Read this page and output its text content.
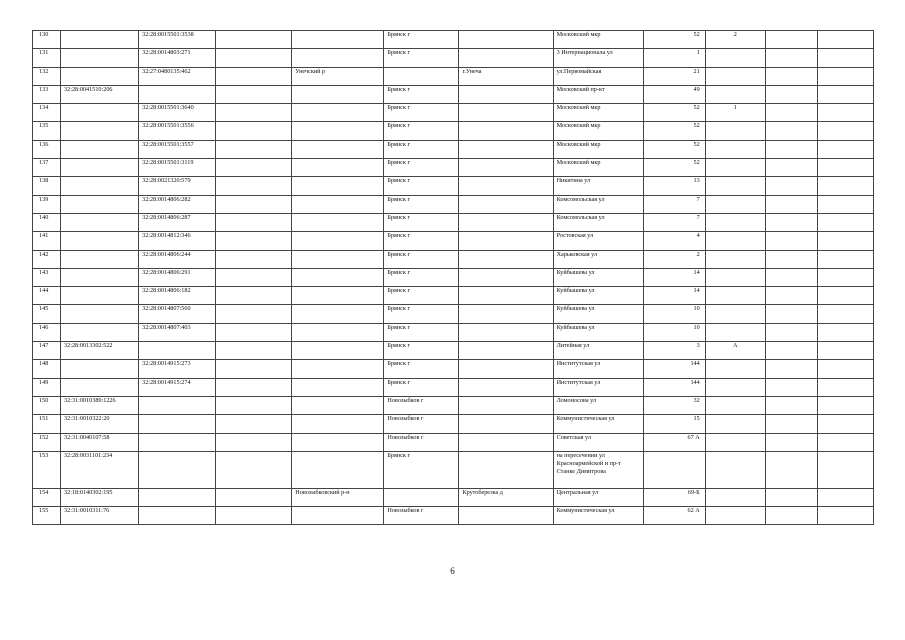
130		32:28:0015501:3538			Брянск г		Московский мкр	52	2		
131		32:28:0014803:271			Брянск г		3 Интернационала ул	1			
132		32:27:0480135:462		Унечский р		г.Унеча	ул.Первомайская	21			
133	32:28:0041510:206				Брянск г		Московский пр-кт	49			
134		32:28:0015501:3640			Брянск г		Московский мкр	52	1		
135		32:28:0015501:3556			Брянск г		Московский мкр	52			
136		32:28:0015501:3557			Брянск г		Московский мкр	52			
137		32:28:0015501:3119			Брянск г		Московский мкр	52			
138		32:28:0021320:579			Брянск г		Никитина ул	13			
139		32:28:0014806:282			Брянск г		Комсомольская ул	7			
140		32:28:0014806:287			Брянск г		Комсомольская ул	7			
141		32:28:0014812:346			Брянск г		Ростовская ул	4			
142		32:28:0014806:244			Брянск г		Харьковская ул	2			
143		32:28:0014806:291			Брянск г		Куйбышева ул	14			
144		32:28:0014806:182			Брянск г		Куйбышева ул	14			
145		32:28:0014807:560			Брянск г		Куйбышева ул	10			
146		32:28:0014807:403			Брянск г		Куйбышева ул	10			
147	32:28:0013302:522				Брянск г		Литейная ул	3	А		
148		32:28:0014915:273			Брянск г		Институтская ул	144			
149		32:28:0014915:274			Брянск г		Институтская ул	144			
150	32:31:0010389:1226				Новозыбков г		Ломоносова ул	32			
151	32:31:0010322:20				Новозыбков г		Коммунистическая ул	15			
152	32:31:0040107:58				Новозыбков г		Советская ул	67 А			
153	32:28:0031101:234				Брянск г		на пересечении ул Красноармейской и пр-т Станке Димитрова				
154	32:18:0140302:195			Новозыбковский р-н		Крутоберезка д	Центральная ул	69-Б			
155	32:31:0010311:76				Новозыбков г		Коммунистическая ул	62 А			
6
